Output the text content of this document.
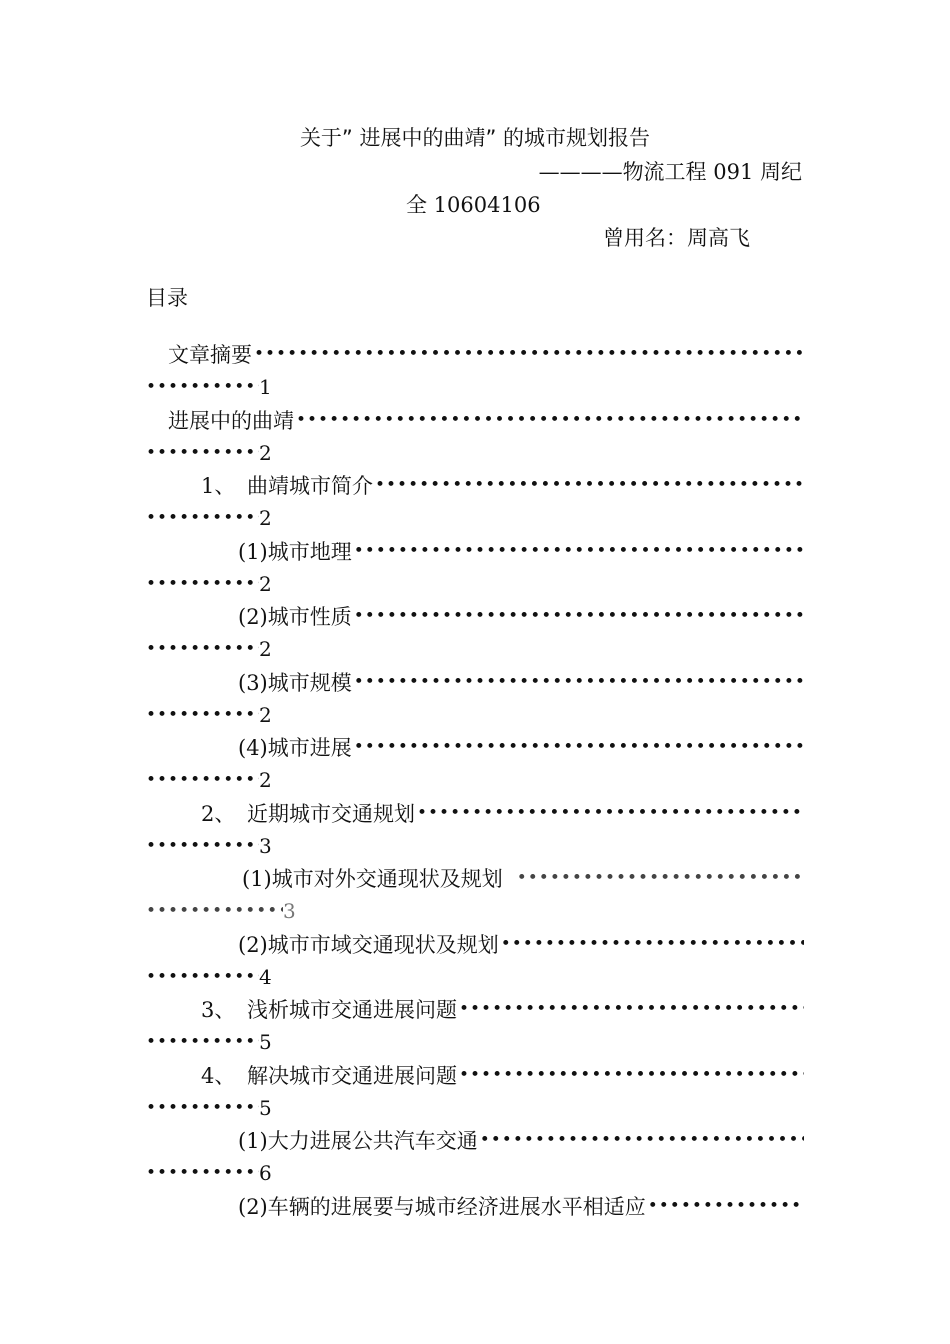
关于” 进展中的曲靖” 的城市规划报告
————物流工程 091 周纪
全 10604106
曾用名：周高飞
目录
文章摘要
•••••
•••••
1
进展中的曲靖
•••••
•••••
2
1、 曲靖城市简介
•••••
•••••
2
(1)城市地理
•••••
•••••
2
(2)城市性质
•••••
•••••
2
(3)城市规模
•••••
•••••
2
(4)城市进展
•••••
•••••
2
2、 近期城市交通规划
•••••
•••••
3
(1)城市对外交通现状及规划
•••••
•••••
3
(2)城市市域交通现状及规划
•••••
•••••
4
3、 浅析城市交通进展问题
•••••
•••••
5
4、 解决城市交通进展问题
•••••
•••••
5
(1)大力进展公共汽车交通
•••••
•••••
6
(2)车辆的进展要与城市经济进展水平相适应
•••••
